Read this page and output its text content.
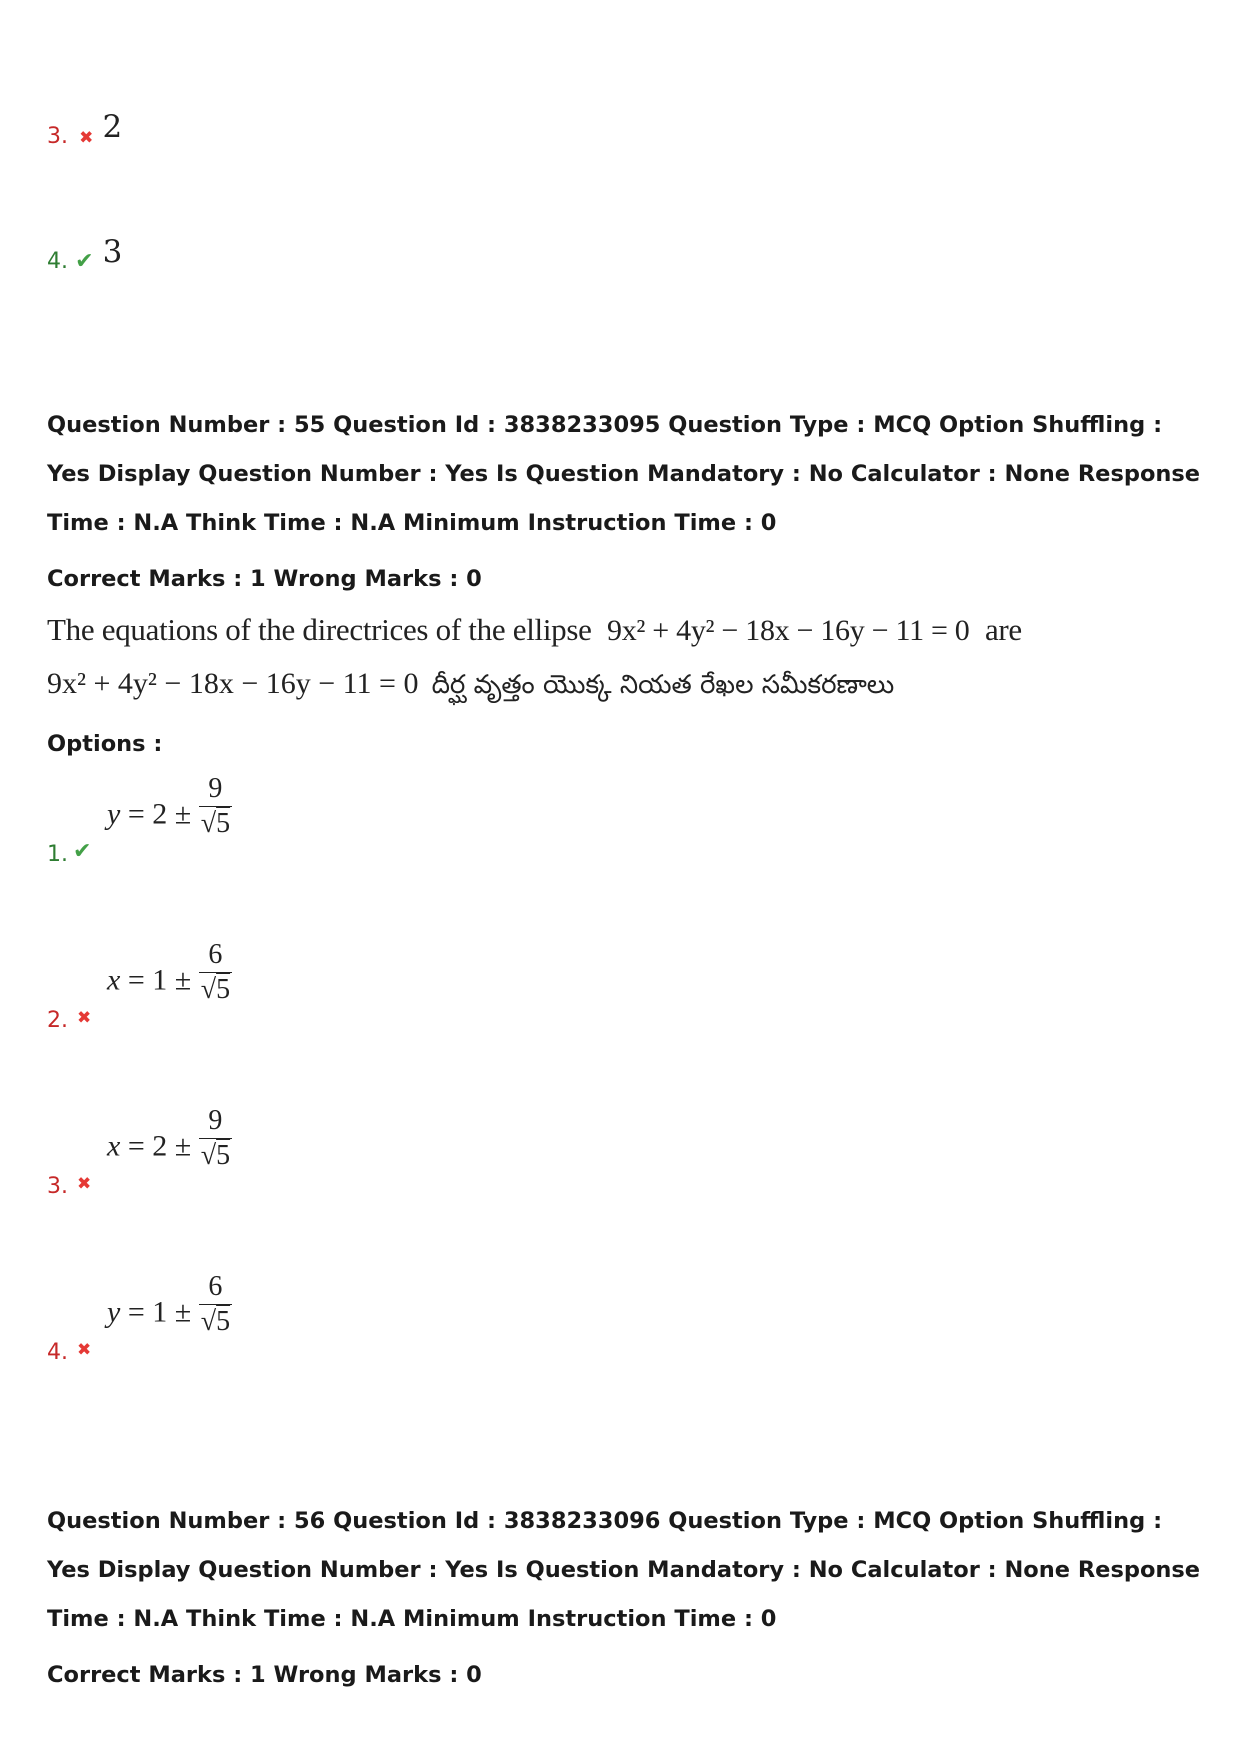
3. ✖ 2
4. ✔ 3
Question Number : 55 Question Id : 3838233095 Question Type : MCQ Option Shuffling : Yes Display Question Number : Yes Is Question Mandatory : No Calculator : None Response Time : N.A Think Time : N.A Minimum Instruction Time : 0
Correct Marks : 1 Wrong Marks : 0
The equations of the directrices of the ellipse 9x² + 4y² − 18x − 16y − 11 = 0 are
9x² + 4y² − 18x − 16y − 11 = 0 దీర్ఘ వృత్తం యొక్క నియత రేఖల సమీకరణాలు
Options :
1. ✔
$y = 2 \pm \frac{9}{√5}$
2. ✖
$x = 1 \pm \frac{6}{√5}$
3. ✖
$x = 2 \pm \frac{9}{√5}$
4. ✖
$y = 1 \pm \frac{6}{√5}$
Question Number : 56 Question Id : 3838233096 Question Type : MCQ Option Shuffling : Yes Display Question Number : Yes Is Question Mandatory : No Calculator : None Response Time : N.A Think Time : N.A Minimum Instruction Time : 0
Correct Marks : 1 Wrong Marks : 0
